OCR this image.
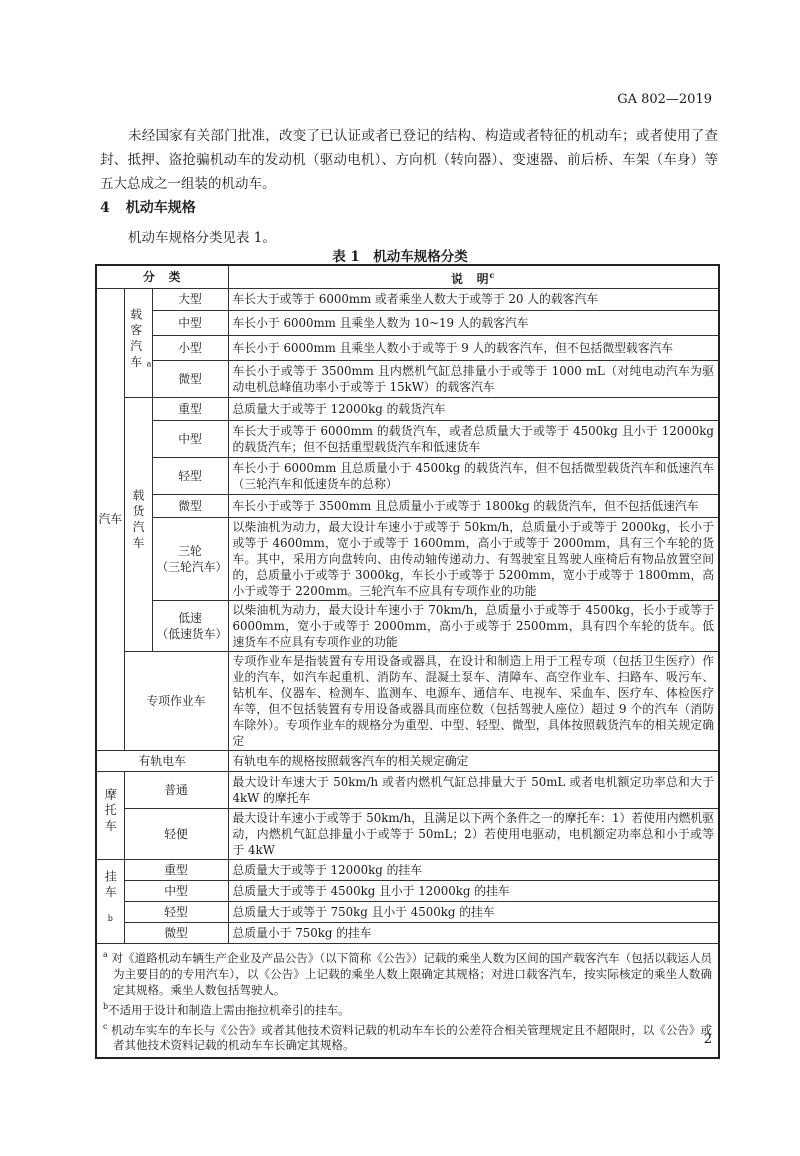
GA 802—2019
未经国家有关部门批准，改变了已认证或者已登记的结构、构造或者特征的机动车；或者使用了查封、抵押、盗抢骗机动车的发动机（驱动电机）、方向机（转向器）、变速器、前后桥、车架（车身）等五大总成之一组装的机动车。
4 机动车规格
机动车规格分类见表 1。
表 1　机动车规格分类
分　类			说　明$^c$
汽车	载客汽车 $^a$	大型	车长大于或等于 6000mm 或者乘坐人数大于或等于 20 人的载客汽车
		中型	车长小于 6000mm 且乘坐人数为 10~19 人的载客汽车
		小型	车长小于 6000mm 且乘坐人数小于或等于 9 人的载客汽车，但不包括微型载客汽车
		微型	车长小于或等于 3500mm 且内燃机气缸总排量小于或等于 1000 mL（对纯电动汽车为驱动电机总峰值功率小于或等于 15kW）的载客汽车
	载货汽车	重型	总质量大于或等于 12000kg 的载货汽车
		中型	车长大于或等于 6000mm 的载货汽车，或者总质量大于或等于 4500kg 且小于 12000kg 的载货汽车；但不包括重型载货汽车和低速货车
		轻型	车长小于 6000mm 且总质量小于 4500kg 的载货汽车，但不包括微型载货汽车和低速汽车（三轮汽车和低速货车的总称）
		微型	车长小于或等于 3500mm 且总质量小于或等于 1800kg 的载货汽车，但不包括低速汽车
		三轮
（三轮汽车）	以柴油机为动力，最大设计车速小于或等于 50km/h，总质量小于或等于 2000kg，长小于或等于 4600mm，宽小于或等于 1600mm，高小于或等于 2000mm，具有三个车轮的货车。其中，采用方向盘转向、由传动轴传递动力、有驾驶室且驾驶人座椅后有物品放置空间的，总质量小于或等于 3000kg，车长小于或等于 5200mm，宽小于或等于 1800mm，高小于或等于 2200mm。三轮汽车不应具有专项作业的功能
		低速
（低速货车）	以柴油机为动力，最大设计车速小于 70km/h，总质量小于或等于 4500kg，长小于或等于 6000mm，宽小于或等于 2000mm，高小于或等于 2500mm，具有四个车轮的货车。低速货车不应具有专项作业的功能
	专项作业车		专项作业车是指装置有专用设备或器具，在设计和制造上用于工程专项（包括卫生医疗）作业的汽车，如汽车起重机、消防车、混凝土泵车、清障车、高空作业车、扫路车、吸污车、钻机车、仪器车、检测车、监测车、电源车、通信车、电视车、采血车、医疗车、体检医疗车等，但不包括装置有专用设备或器具而座位数（包括驾驶人座位）超过 9 个的汽车（消防车除外）。专项作业车的规格分为重型、中型、轻型、微型，具体按照载货汽车的相关规定确定
有轨电车			有轨电车的规格按照载客汽车的相关规定确定
摩托车	普通		最大设计车速大于 50km/h 或者内燃机气缸总排量大于 50mL 或者电机额定功率总和大于 4kW 的摩托车
	轻便		最大设计车速小于或等于 50km/h，且满足以下两个条件之一的摩托车：1）若使用内燃机驱动，内燃机气缸总排量小于或等于 50mL；2）若使用电驱动，电机额定功率总和小于或等于 4kW
挂车$^b$	重型		总质量大于或等于 12000kg 的挂车
	中型		总质量大于或等于 4500kg 且小于 12000kg 的挂车
	轻型		总质量大于或等于 750kg 且小于 4500kg 的挂车
	微型		总质量小于 750kg 的挂车

$^a$ 对《道路机动车辆生产企业及产品公告》（以下简称《公告》）记载的乘坐人数为区间的国产载客汽车（包括以载运人员为主要目的的专用汽车），以《公告》上记载的乘坐人数上限确定其规格；对进口载客汽车，按实际核定的乘坐人数确定其规格。乘坐人数包括驾驶人。

$^b$不适用于设计和制造上需由拖拉机牵引的挂车。

$^c$ 机动车实车的车长与《公告》或者其他技术资料记载的机动车车长的公差符合相关管理规定且不超限时，以《公告》或者其他技术资料记载的机动车车长确定其规格。				2
